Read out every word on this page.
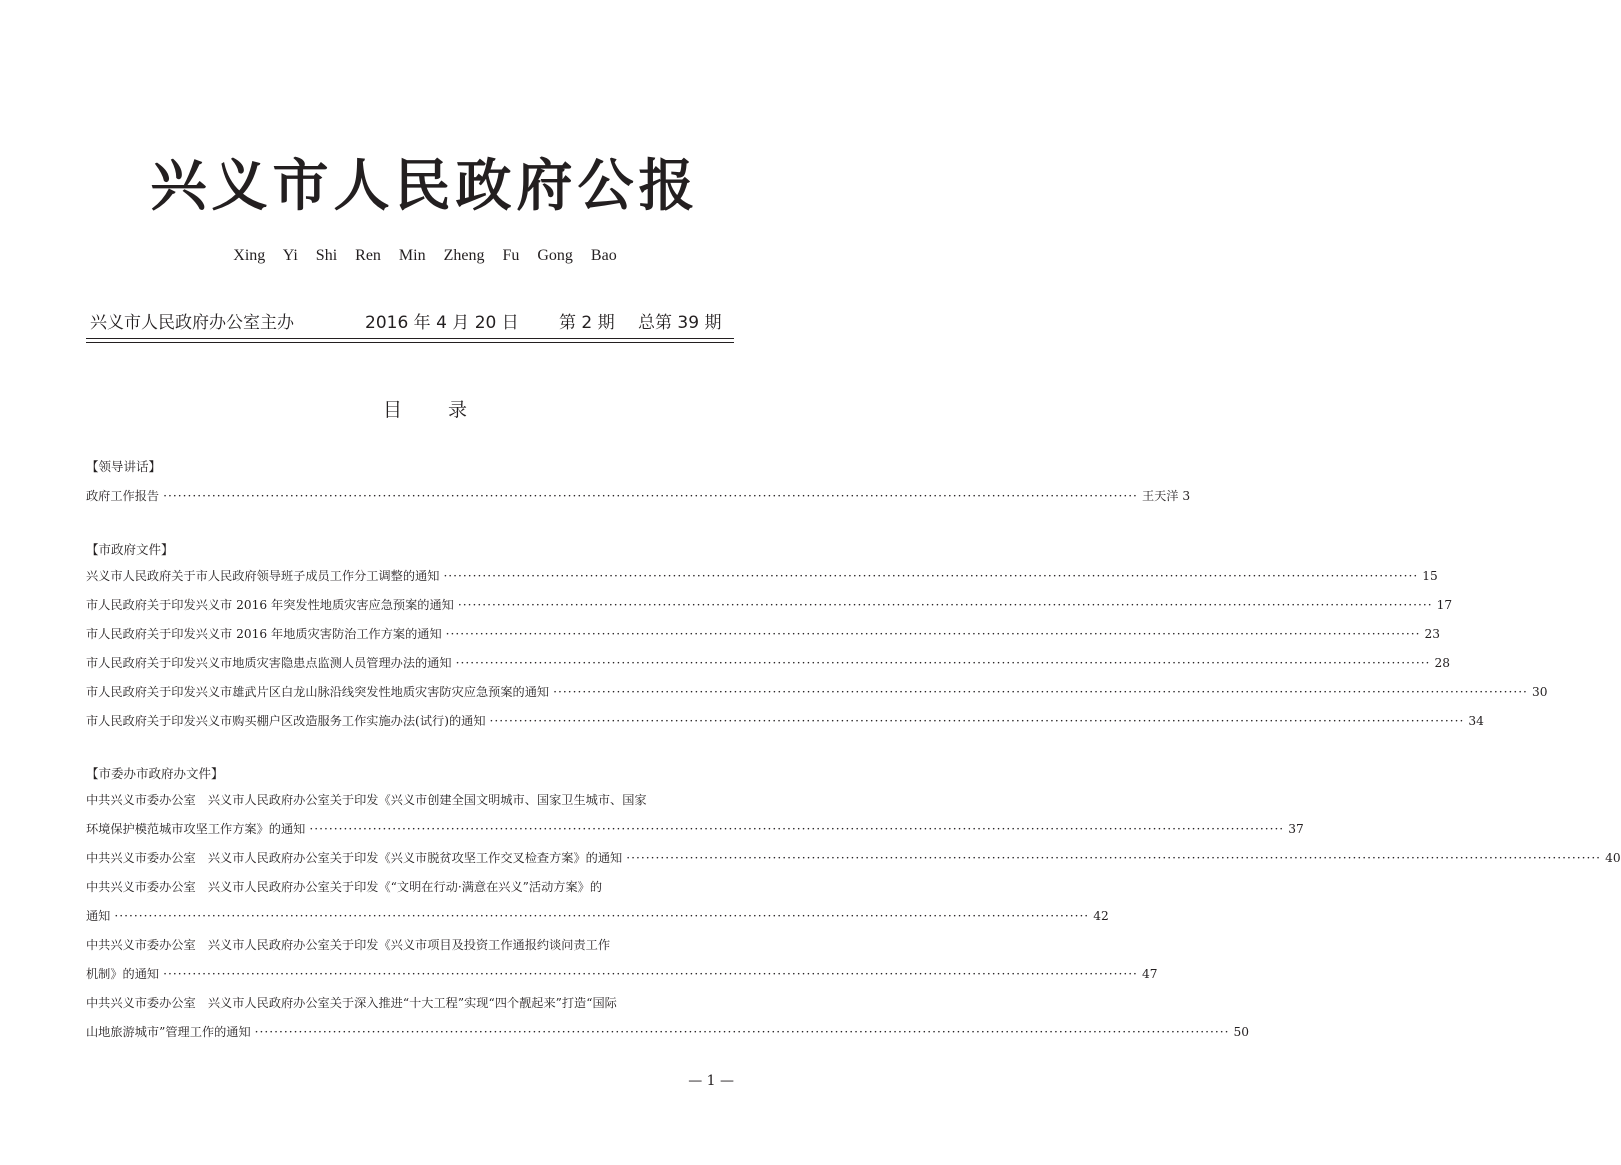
兴义市人民政府公报
Xing Yi Shi Ren Min Zheng Fu Gong Bao
兴义市人民政府办公室主办	2016 年 4 月 20 日 第 2 期 总第 39 期
目 录
【领导讲话】
政府工作报告 ········································································································································································································ 王天洋 3
【市政府文件】
兴义市人民政府关于市人民政府领导班子成员工作分工调整的通知 ········································································································································································································ 15
市人民政府关于印发兴义市 2016 年突发性地质灾害应急预案的通知 ········································································································································································································ 17
市人民政府关于印发兴义市 2016 年地质灾害防治工作方案的通知 ········································································································································································································ 23
市人民政府关于印发兴义市地质灾害隐患点监测人员管理办法的通知 ········································································································································································································ 28
市人民政府关于印发兴义市雄武片区白龙山脉沿线突发性地质灾害防灾应急预案的通知 ········································································································································································································ 30
市人民政府关于印发兴义市购买棚户区改造服务工作实施办法(试行)的通知 ········································································································································································································ 34
【市委办市政府办文件】
中共兴义市委办公室　兴义市人民政府办公室关于印发《兴义市创建全国文明城市、国家卫生城市、国家
环境保护模范城市攻坚工作方案》的通知 ········································································································································································································ 37
中共兴义市委办公室　兴义市人民政府办公室关于印发《兴义市脱贫攻坚工作交叉检查方案》的通知 ········································································································································································································ 40
中共兴义市委办公室　兴义市人民政府办公室关于印发《“文明在行动·满意在兴义”活动方案》的
通知 ········································································································································································································ 42
中共兴义市委办公室　兴义市人民政府办公室关于印发《兴义市项目及投资工作通报约谈问责工作
机制》的通知 ········································································································································································································ 47
中共兴义市委办公室　兴义市人民政府办公室关于深入推进“十大工程”实现“四个靓起来”打造“国际
山地旅游城市”管理工作的通知 ········································································································································································································ 50
— 1 —
